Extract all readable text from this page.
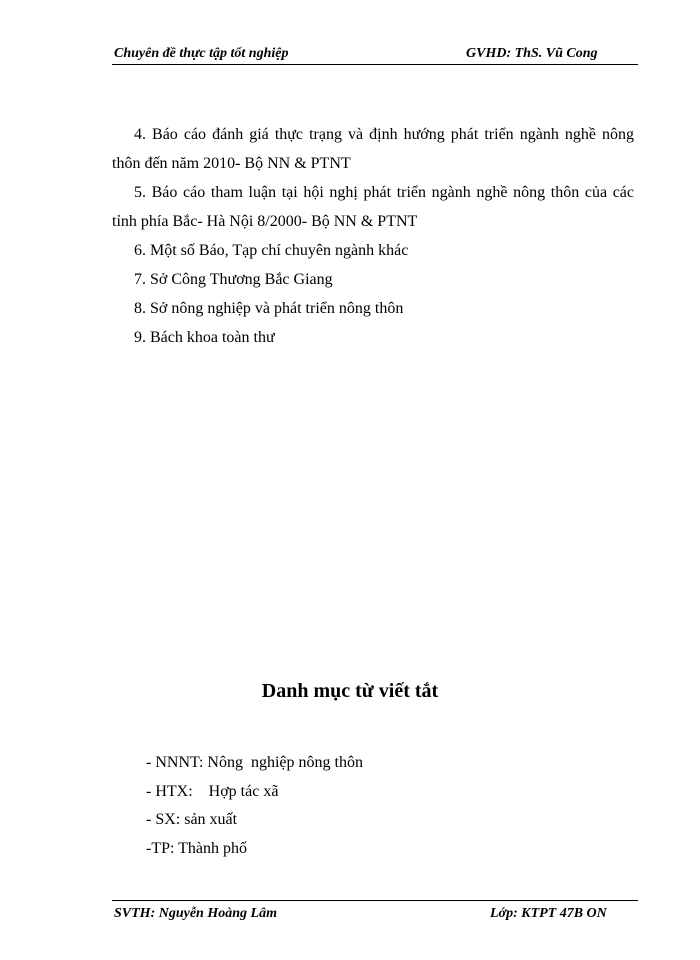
Chuyên đề thực tập tốt nghiệp	GVHD: ThS. Vũ Cong

4. Báo cáo đánh giá thực trạng và định hướng phát triển ngành nghề nông

thôn đến năm 2010- Bộ NN & PTNT

5. Báo cáo tham luận tại hội nghị phát triển ngành nghề nông thôn của các

tỉnh phía Bắc- Hà Nội 8/2000- Bộ NN & PTNT

6. Một số Báo, Tạp chí chuyên ngành khác

7. Sở Công Thương Bắc Giang

8. Sở nông nghiệp và phát triển nông thôn

9. Bách khoa toàn thư

Danh mục từ viết tắt
- NNNT: Nông  nghiệp nông thôn
- HTX:    Hợp tác xã
- SX: sản xuất
-TP: Thành phố
SVTH: Nguyễn Hoàng Lâm	Lớp: KTPT 47B ON
